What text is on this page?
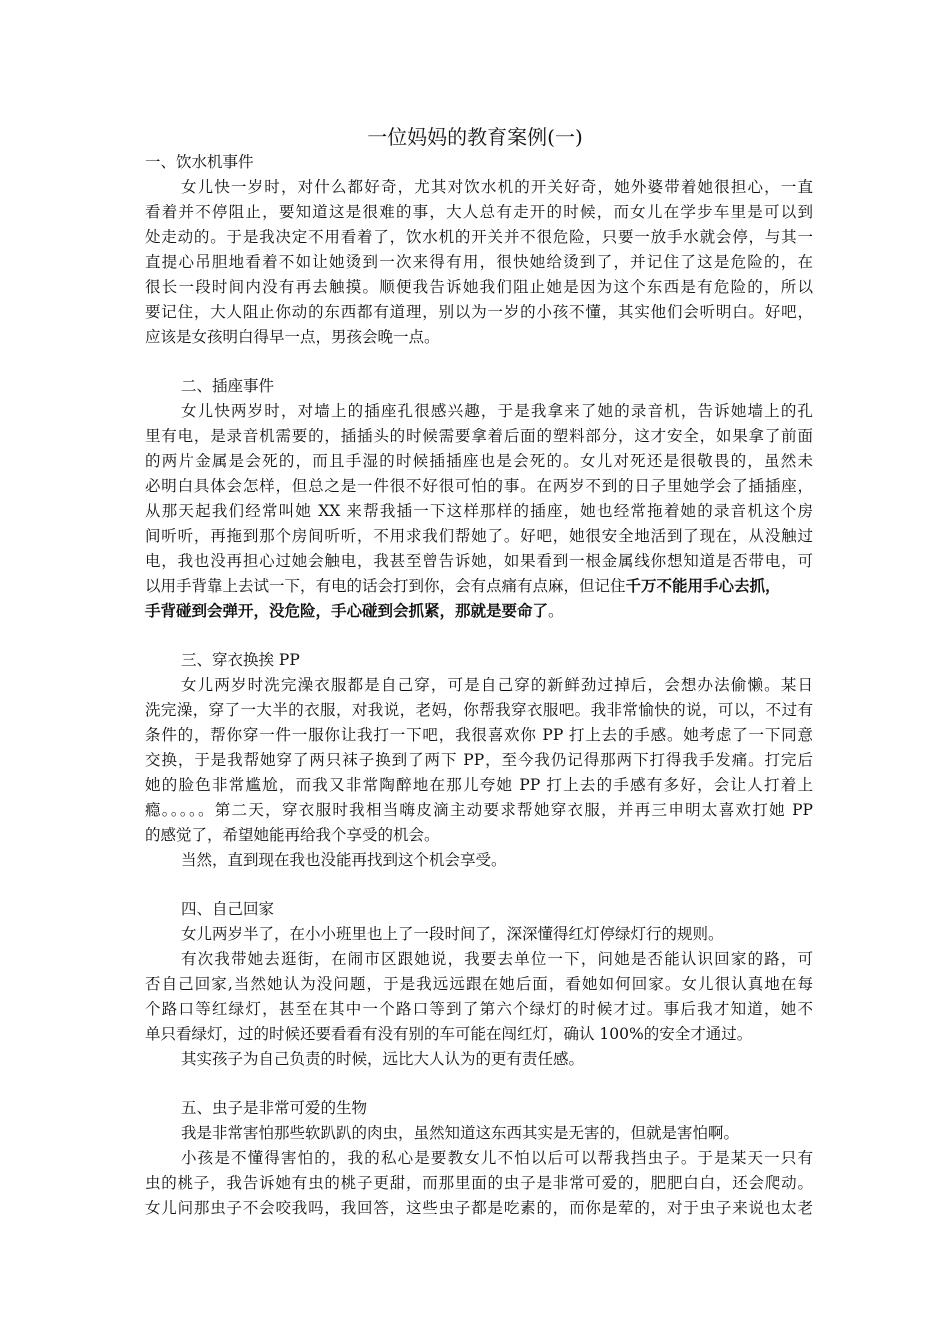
一位妈妈的教育案例(一)
一、饮水机事件
女儿快一岁时，对什么都好奇，尤其对饮水机的开关好奇，她外婆带着她很担心，一直
看着并不停阻止，要知道这是很难的事，大人总有走开的时候，而女儿在学步车里是可以到
处走动的。于是我决定不用看着了，饮水机的开关并不很危险，只要一放手水就会停，与其一
直提心吊胆地看着不如让她烫到一次来得有用，很快她给烫到了，并记住了这是危险的，在
很长一段时间内没有再去触摸。顺便我告诉她我们阻止她是因为这个东西是有危险的，所以
要记住，大人阻止你动的东西都有道理，别以为一岁的小孩不懂，其实他们会听明白。好吧，
应该是女孩明白得早一点，男孩会晚一点。
二、插座事件
女儿快两岁时，对墙上的插座孔很感兴趣，于是我拿来了她的录音机，告诉她墙上的孔
里有电，是录音机需要的，插插头的时候需要拿着后面的塑料部分，这才安全，如果拿了前面
的两片金属是会死的，而且手湿的时候插插座也是会死的。女儿对死还是很敬畏的，虽然未
必明白具体会怎样，但总之是一件很不好很可怕的事。在两岁不到的日子里她学会了插插座，
从那天起我们经常叫她 XX 来帮我插一下这样那样的插座，她也经常拖着她的录音机这个房
间听听，再拖到那个房间听听，不用求我们帮她了。好吧，她很安全地活到了现在，从没触过
电，我也没再担心过她会触电，我甚至曾告诉她，如果看到一根金属线你想知道是否带电，可
以用手背靠上去试一下，有电的话会打到你，会有点痛有点麻，但记住千万不能用手心去抓，
手背碰到会弹开，没危险，手心碰到会抓紧，那就是要命了。
三、穿衣换挨 PP
女儿两岁时洗完澡衣服都是自己穿，可是自己穿的新鲜劲过掉后，会想办法偷懒。某日
洗完澡，穿了一大半的衣服，对我说，老妈，你帮我穿衣服吧。我非常愉快的说，可以，不过有
条件的，帮你穿一件一服你让我打一下吧，我很喜欢你 PP 打上去的手感。她考虑了一下同意
交换，于是我帮她穿了两只袜子换到了两下 PP，至今我仍记得那两下打得我手发痛。打完后
她的脸色非常尴尬，而我又非常陶醉地在那儿夸她 PP 打上去的手感有多好，会让人打着上
瘾。。。。。第二天，穿衣服时我相当嗨皮滴主动要求帮她穿衣服，并再三申明太喜欢打她 PP
的感觉了，希望她能再给我个享受的机会。
当然，直到现在我也没能再找到这个机会享受。
四、自己回家
女儿两岁半了，在小小班里也上了一段时间了，深深懂得红灯停绿灯行的规则。
有次我带她去逛街，在闹市区跟她说，我要去单位一下，问她是否能认识回家的路，可
否自己回家,当然她认为没问题，于是我远远跟在她后面，看她如何回家。女儿很认真地在每
个路口等红绿灯，甚至在其中一个路口等到了第六个绿灯的时候才过。事后我才知道，她不
单只看绿灯，过的时候还要看看有没有别的车可能在闯红灯，确认 100%的安全才通过。
其实孩子为自己负责的时候，远比大人认为的更有责任感。
五、虫子是非常可爱的生物
我是非常害怕那些软趴趴的肉虫，虽然知道这东西其实是无害的，但就是害怕啊。
小孩是不懂得害怕的，我的私心是要教女儿不怕以后可以帮我挡虫子。于是某天一只有
虫的桃子，我告诉她有虫的桃子更甜，而那里面的虫子是非常可爱的，肥肥白白，还会爬动。
女儿问那虫子不会咬我吗，我回答，这些虫子都是吃素的，而你是荤的，对于虫子来说也太老
